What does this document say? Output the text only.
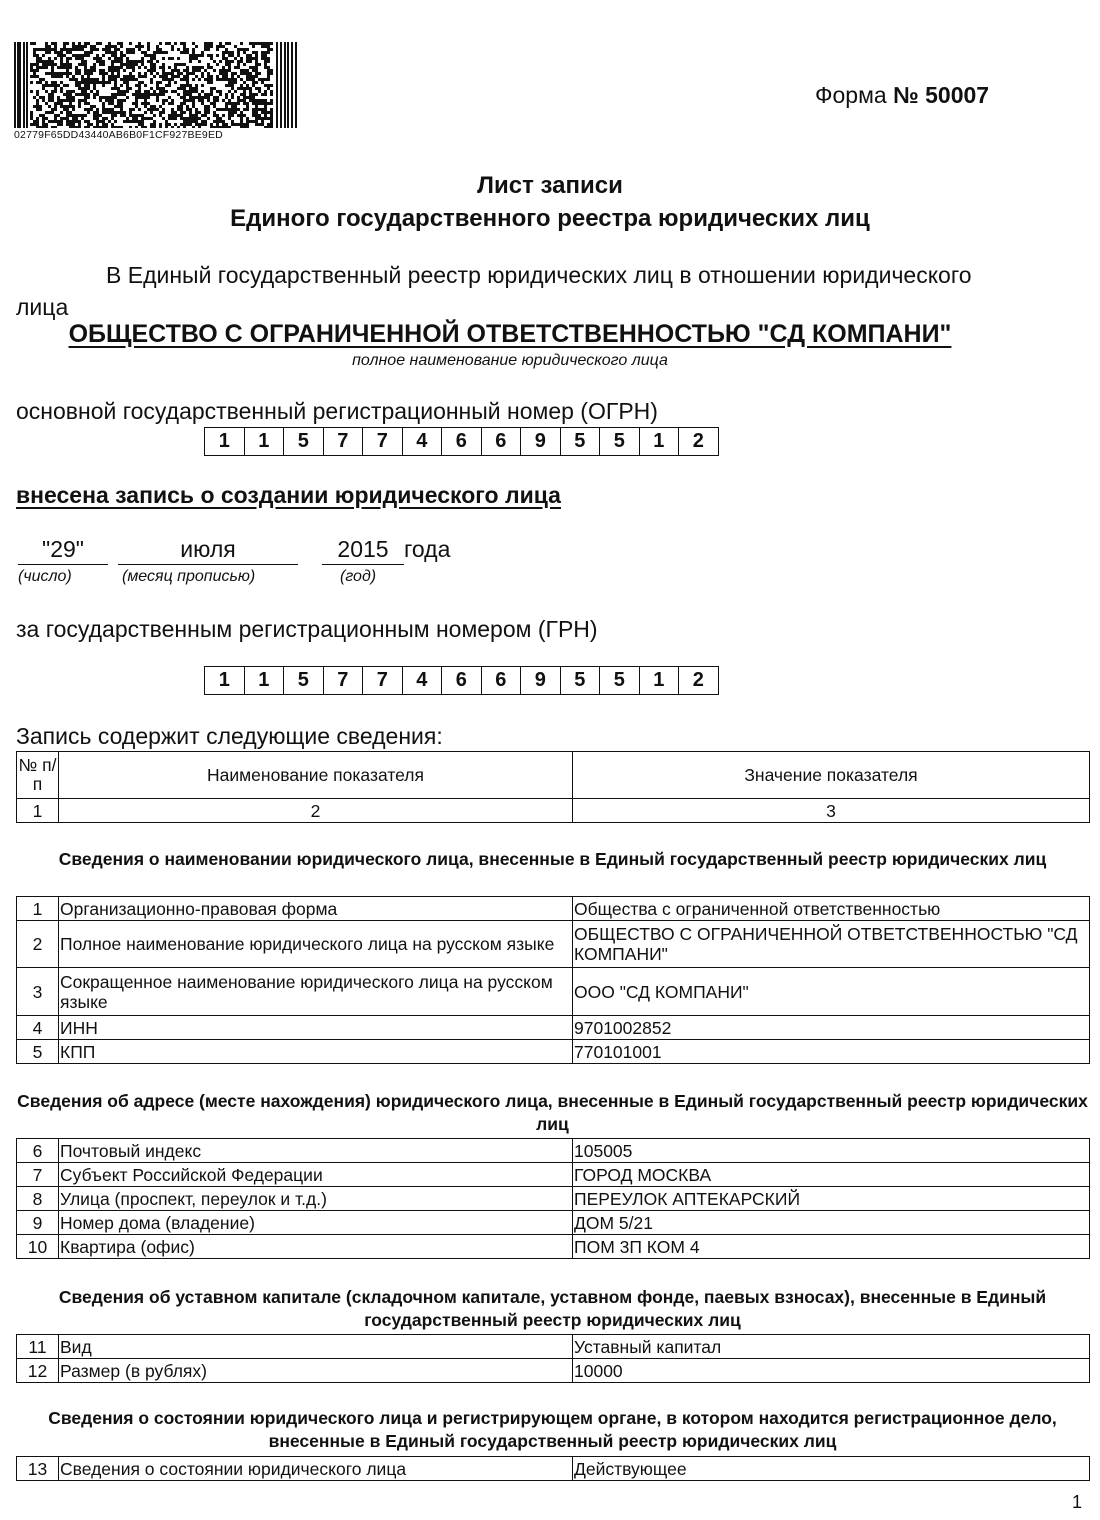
02779F65DD43440AB6B0F1CF927BE9ED
Форма № 50007
Лист записи
Единого государственного реестра юридических лиц
В Единый государственный реестр юридических лиц в отношении юридического
лица
ОБЩЕСТВО С ОГРАНИЧЕННОЙ ОТВЕТСТВЕННОСТЬЮ "СД КОМПАНИ"
полное наименование юридического лица
основной государственный регистрационный номер (ОГРН)
1	1	5	7	7	4	6	6	9	5	5	1	2
внесена запись о создании юридического лица
"29"
(число)
июля
(месяц прописью)
2015
(год)
года
за государственным регистрационным номером (ГРН)
1	1	5	7	7	4	6	6	9	5	5	1	2
Запись содержит следующие сведения:
№ п/п	Наименование показателя	Значение показателя
1	2	3
Сведения о наименовании юридического лица, внесенные в Единый государственный реестр юридических лиц
1	Организационно-правовая форма	Общества с ограниченной ответственностью
2	Полное наименование юридического лица на русском языке	ОБЩЕСТВО С ОГРАНИЧЕННОЙ ОТВЕТСТВЕННОСТЬЮ "СД КОМПАНИ"
3	Сокращенное наименование юридического лица на русском языке	ООО "СД КОМПАНИ"
4	ИНН	9701002852
5	КПП	770101001
Сведения об адресе (месте нахождения) юридического лица, внесенные в Единый государственный реестр юридических лиц
6	Почтовый индекс	105005
7	Субъект Российской Федерации	ГОРОД МОСКВА
8	Улица (проспект, переулок и т.д.)	ПЕРЕУЛОК АПТЕКАРСКИЙ
9	Номер дома (владение)	ДОМ 5/21
10	Квартира (офис)	ПОМ 3П КОМ 4
Сведения об уставном капитале (складочном капитале, уставном фонде, паевых взносах), внесенные в Единый государственный реестр юридических лиц
11	Вид	Уставный капитал
12	Размер (в рублях)	10000
Сведения о состоянии юридического лица и регистрирующем органе, в котором находится регистрационное дело, внесенные в Единый государственный реестр юридических лиц
13	Сведения о состоянии юридического лица	Действующее
1
